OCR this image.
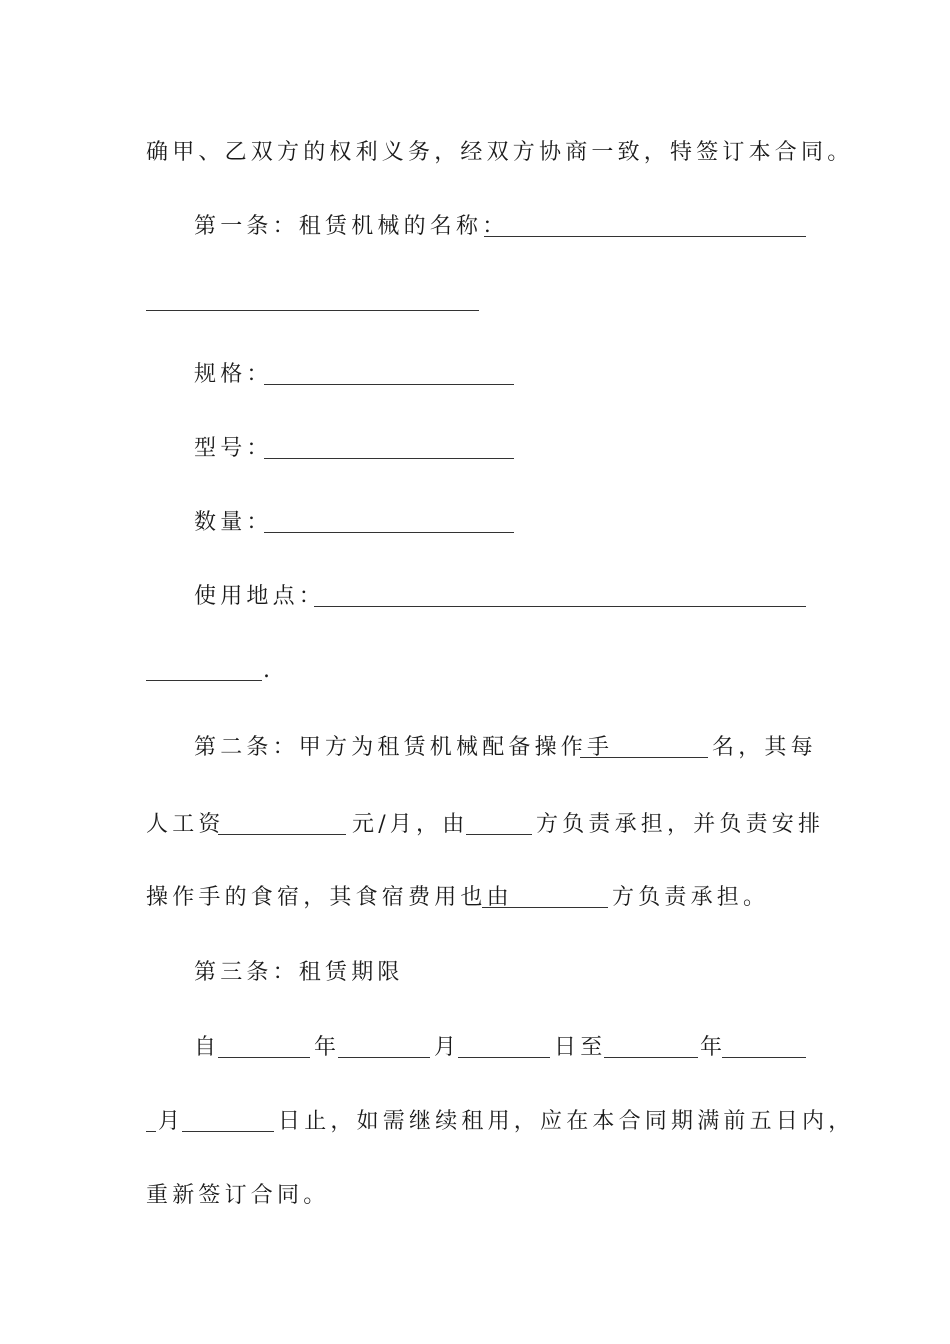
确甲、乙双方的权利义务，经双方协商一致，特签订本合同。
第一条：租赁机械的名称：
规格：
型号：
数量：
使用地点：
.
第二条：甲方为租赁机械配备操作手	名，其每
人工资	元/月，由	方负责承担，并负责安排
操作手的食宿，其食宿费用也由	方负责承担。
第三条：租赁期限
自	年	月	日至	年
月	日止，如需继续租用，应在本合同期满前五日内，
重新签订合同。
